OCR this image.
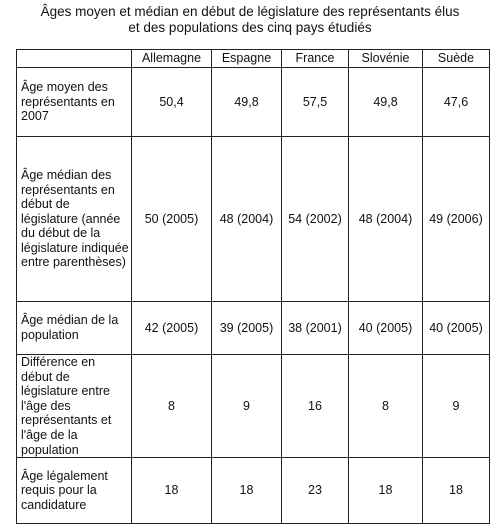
Âges moyen et médian en début de législature des représentants élus
et des populations des cinq pays étudiés
	Allemagne	Espagne	France	Slovénie	Suède
Âge moyen des représentants en 2007	50,4	49,8	57,5	49,8	47,6
Âge médian des représentants en début de législature (année du début de la législature indiquée entre parenthèses)	50 (2005)	48 (2004)	54 (2002)	48 (2004)	49 (2006)
Âge médian de la population	42 (2005)	39 (2005)	38 (2001)	40 (2005)	40 (2005)
Différence en début de législature entre l'âge des représentants et l'âge de la population	8	9	16	8	9
Âge légalement requis pour la candidature	18	18	23	18	18
